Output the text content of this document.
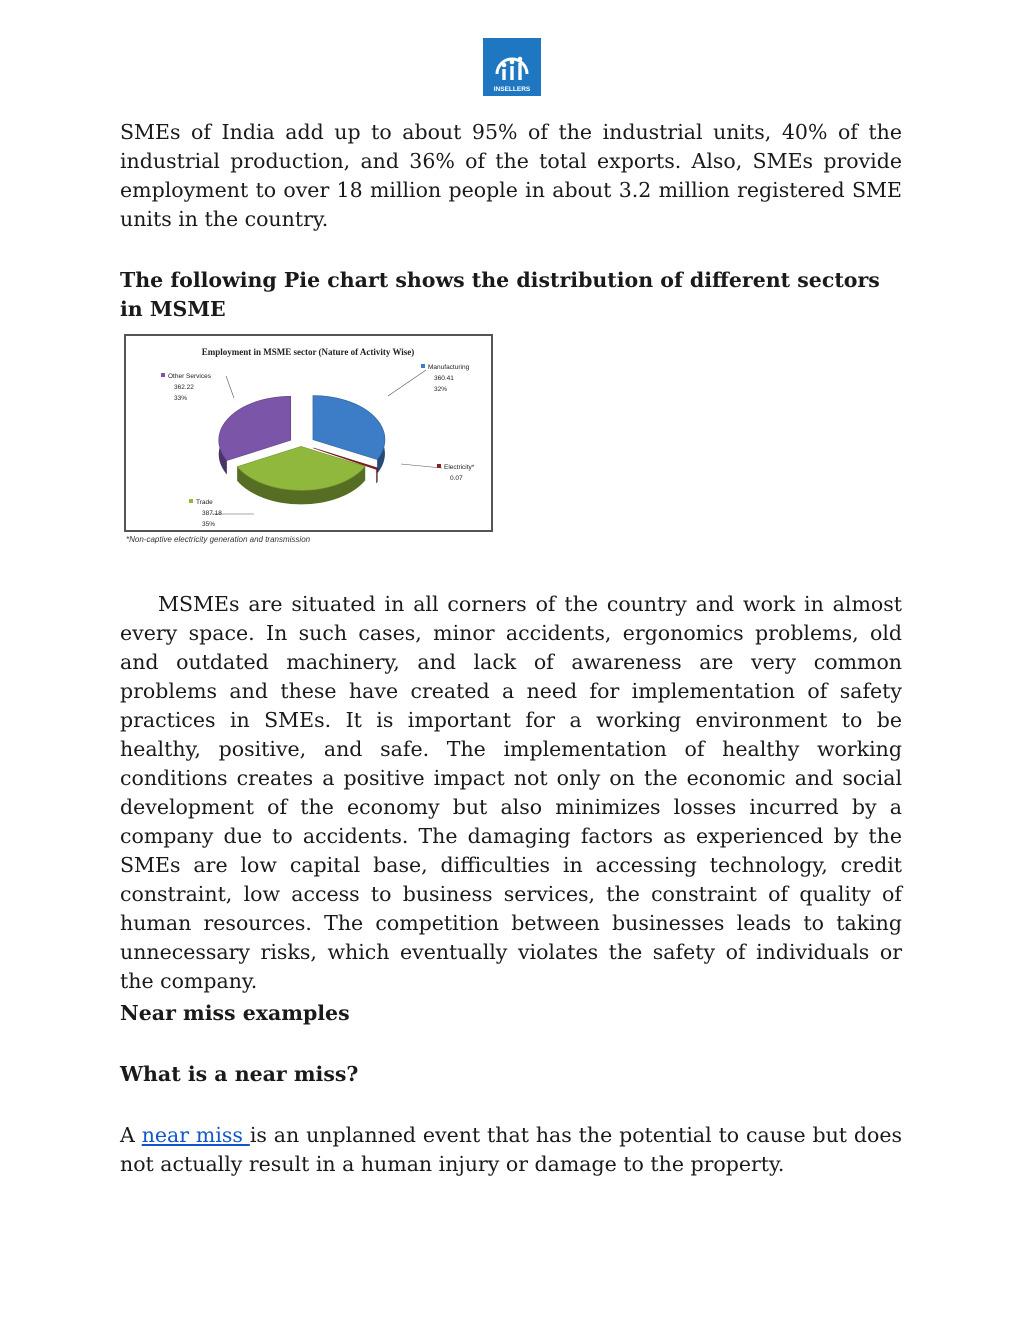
INSELLERS

SMEs of India add up to about 95% of the industrial units, 40% of the industrial production, and 36% of the total exports. Also, SMEs provide employment to over 18 million people in about 3.2 million registered SME units in the country.

The following Pie chart shows the distribution of different sectors in MSME

Employment in MSME sector (Nature of Activity Wise)
Manufacturing
360.41
32%
Electricity*
0.07
Trade
387.18
35%
Other Services
362.22
33%
*Non-captive electricity generation and transmission

MSMEs are situated in all corners of the country and work in almost every space. In such cases, minor accidents, ergonomics problems, old and outdated machinery, and lack of awareness are very common problems and these have created a need for implementation of safety practices in SMEs. It is important for a working environment to be healthy, positive, and safe. The implementation of healthy working conditions creates a positive impact not only on the economic and social development of the economy but also minimizes losses incurred by a company due to accidents. The damaging factors as experienced by the SMEs are low capital base, difficulties in accessing technology, credit constraint, low access to business services, the constraint of quality of human resources. The competition between businesses leads to taking unnecessary risks, which eventually violates the safety of individuals or the company.

Near miss examples

What is a near miss?

A near miss is an unplanned event that has the potential to cause but does not actually result in a human injury or damage to the property.
